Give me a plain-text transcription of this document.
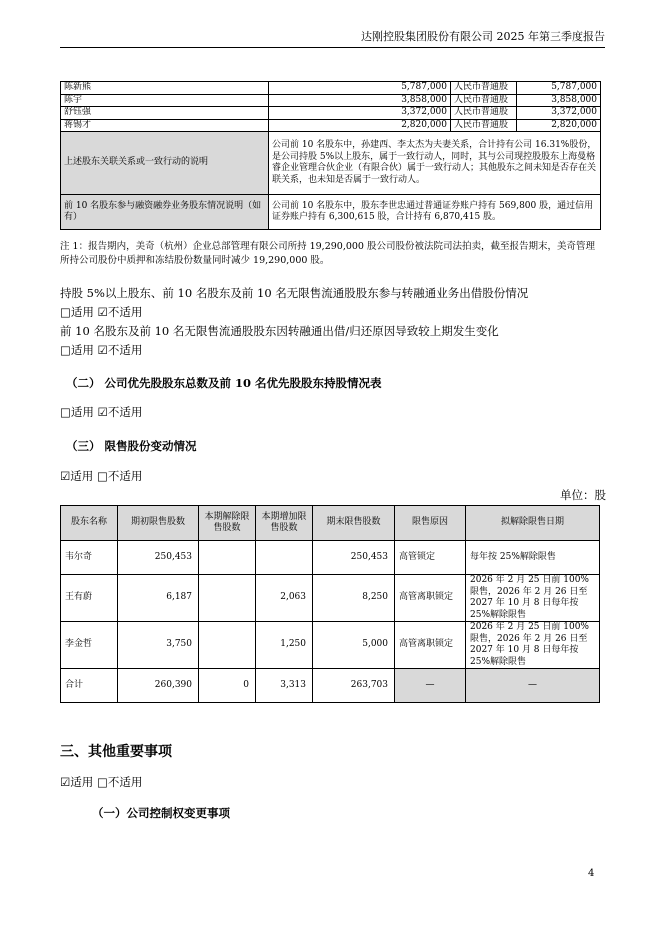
达刚控股集团股份有限公司 2025 年第三季度报告
陈新熊	5,787,000	人民币普通股	5,787,000
陈宇	3,858,000	人民币普通股	3,858,000
舒钰强	3,372,000	人民币普通股	3,372,000
蒋锡才	2,820,000	人民币普通股	2,820,000
上述股东关联关系或一致行动的说明	公司前 10 名股东中，孙建西、李太杰为夫妻关系，合计持有公司 16.31%股份，是公司持股 5%以上股东，属于一致行动人，同时，其与公司现控股股东上海曼格睿企业管理合伙企业（有限合伙）属于一致行动人；其他股东之间未知是否存在关联关系，也未知是否属于一致行动人。		
前 10 名股东参与融资融券业务股东情况说明（如有）	公司前 10 名股东中，股东李世忠通过普通证券账户持有 569,800 股，通过信用证券账户持有 6,300,615 股，合计持有 6,870,415 股。		
注 1：报告期内，美奇（杭州）企业总部管理有限公司所持 19,290,000 股公司股份被法院司法拍卖，截至报告期末，美奇管理所持公司股份中质押和冻结股份数量同时减少 19,290,000 股。
持股 5%以上股东、前 10 名股东及前 10 名无限售流通股股东参与转融通业务出借股份情况
□适用 ☑不适用
前 10 名股东及前 10 名无限售流通股股东因转融通出借/归还原因导致较上期发生变化
□适用 ☑不适用
（二） 公司优先股股东总数及前 10 名优先股股东持股情况表
□适用 ☑不适用
（三） 限售股份变动情况
☑适用 □不适用
单位：股
股东名称	期初限售股数	本期解除限售股数	本期增加限售股数	期末限售股数	限售原因	拟解除限售日期
韦尔奇	250,453			250,453	高管锁定	每年按 25%解除限售
王有蔚	6,187		2,063	8,250	高管离职锁定	2026 年 2 月 25 日前 100%限售，2026 年 2 月 26 日至 2027 年 10 月 8 日每年按 25%解除限售
李金哲	3,750		1,250	5,000	高管离职锁定	2026 年 2 月 25 日前 100%限售，2026 年 2 月 26 日至 2027 年 10 月 8 日每年按 25%解除限售
合计	260,390	0	3,313	263,703	—	—
三、其他重要事项
☑适用 □不适用
（一）公司控制权变更事项
4
